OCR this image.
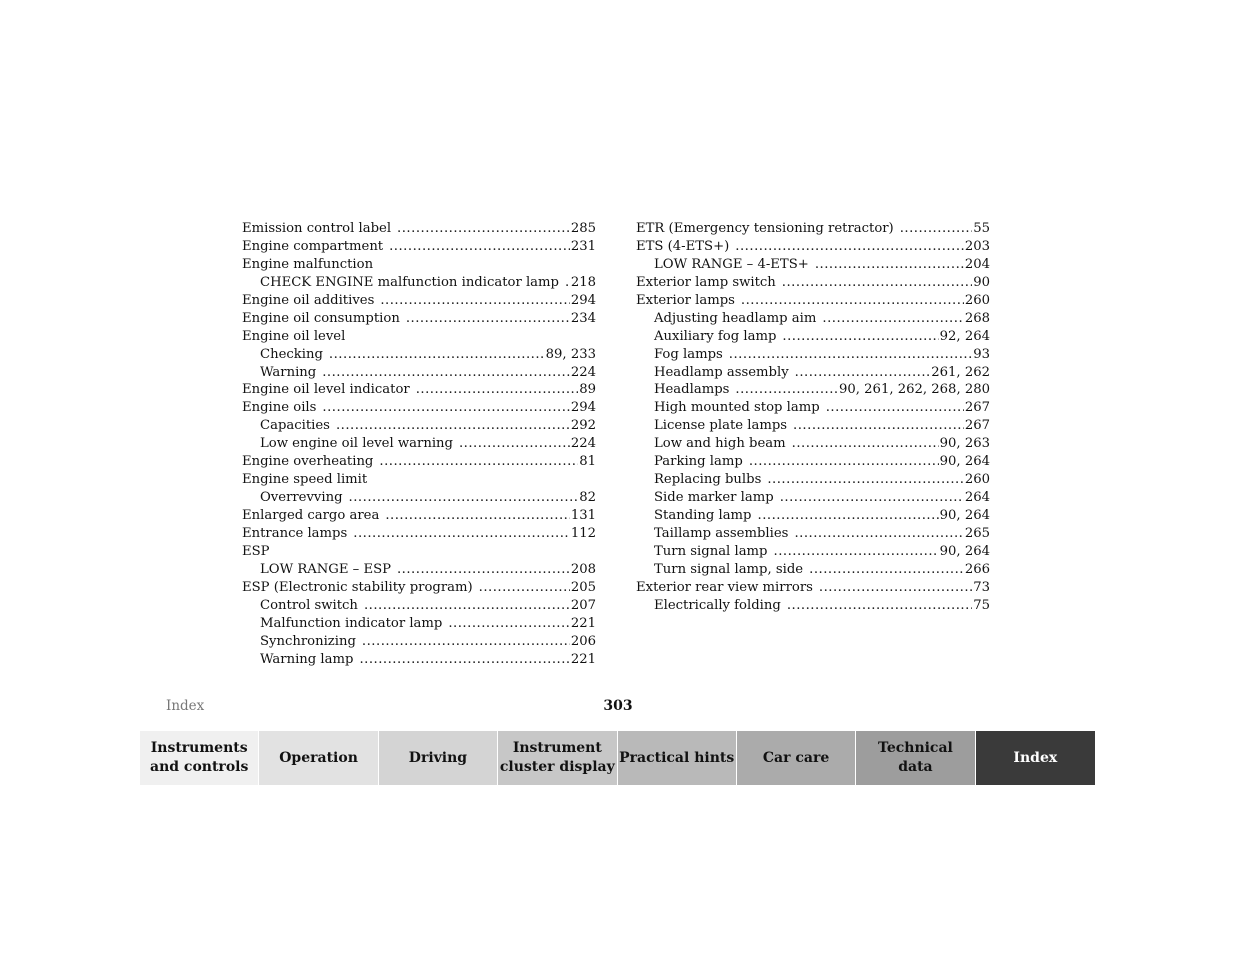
Emission control label .....	285
Engine compartment .....	231
Engine malfunction
CHECK ENGINE malfunction indicator lamp ..... 218
Engine oil additives .....	294
Engine oil consumption .....	234
Engine oil level
Checking .....	89, 233
Warning .....	224
Engine oil level indicator .....	89
Engine oils .....	294
Capacities .....	292
Low engine oil level warning .....	224
Engine overheating .....	81
Engine speed limit
Overrevving .....	82
Enlarged cargo area .....	131
Entrance lamps .....	112
ESP
LOW RANGE – ESP .....	208
ESP (Electronic stability program) .....	205
Control switch .....	207
Malfunction indicator lamp .....	221
Synchronizing .....	206
Warning lamp .....	221
ETR (Emergency tensioning retractor) .....	55
ETS (4-ETS+) .....	203
LOW RANGE – 4-ETS+ .....	204
Exterior lamp switch .....	90
Exterior lamps .....	260
Adjusting headlamp aim .....	268
Auxiliary fog lamp .....	92, 264
Fog lamps .....	93
Headlamp assembly .....	261, 262
Headlamps .....	90, 261, 262, 268, 280
High mounted stop lamp .....	267
License plate lamps .....	267
Low and high beam .....	90, 263
Parking lamp .....	90, 264
Replacing bulbs .....	260
Side marker lamp .....	264
Standing lamp .....	90, 264
Taillamp assemblies .....	265
Turn signal lamp .....	90, 264
Turn signal lamp, side .....	266
Exterior rear view mirrors .....	73
Electrically folding .....	75
Index	303
Instruments
and controls
Operation	Driving
Instrument
cluster display
Practical hints Car care
Technical
data
Index
